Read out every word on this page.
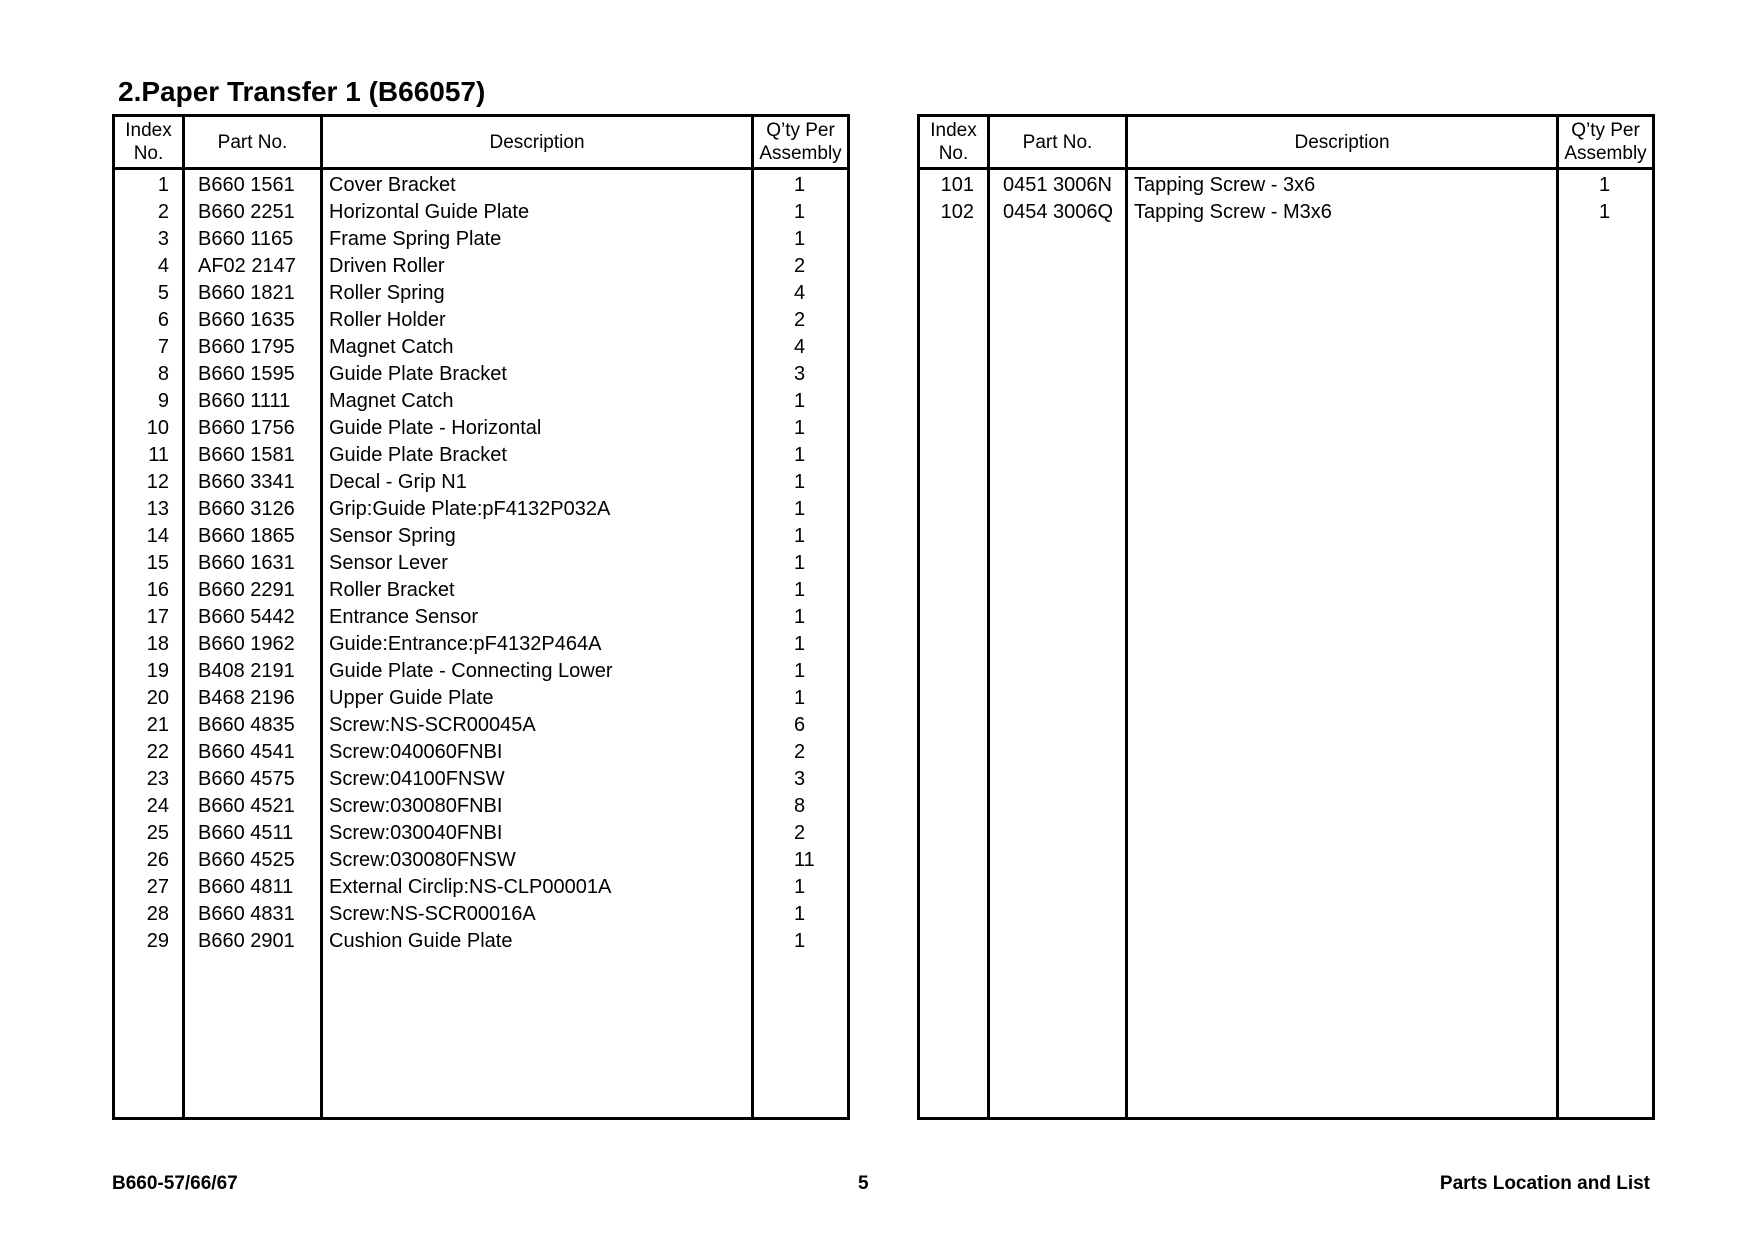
2.Paper Transfer 1 (B66057)
Index
No.	Part No.	Description	Q’ty Per
Assembly
1	B660 1561	Cover Bracket	1
2	B660 2251	Horizontal Guide Plate	1
3	B660 1165	Frame Spring Plate	1
4	AF02 2147	Driven Roller	2
5	B660 1821	Roller Spring	4
6	B660 1635	Roller Holder	2
7	B660 1795	Magnet Catch	4
8	B660 1595	Guide Plate Bracket	3
9	B660 1111	Magnet Catch	1
10	B660 1756	Guide Plate - Horizontal	1
11	B660 1581	Guide Plate Bracket	1
12	B660 3341	Decal - Grip N1	1
13	B660 3126	Grip:Guide Plate:pF4132P032A	1
14	B660 1865	Sensor Spring	1
15	B660 1631	Sensor Lever	1
16	B660 2291	Roller Bracket	1
17	B660 5442	Entrance Sensor	1
18	B660 1962	Guide:Entrance:pF4132P464A	1
19	B408 2191	Guide Plate - Connecting Lower	1
20	B468 2196	Upper Guide Plate	1
21	B660 4835	Screw:NS-SCR00045A	6
22	B660 4541	Screw:040060FNBI	2
23	B660 4575	Screw:04100FNSW	3
24	B660 4521	Screw:030080FNBI	8
25	B660 4511	Screw:030040FNBI	2
26	B660 4525	Screw:030080FNSW	11
27	B660 4811	External Circlip:NS-CLP00001A	1
28	B660 4831	Screw:NS-SCR00016A	1
29	B660 2901	Cushion Guide Plate	1

Index
No.	Part No.	Description	Q’ty Per
Assembly
101	0451 3006N	Tapping Screw - 3x6	1
102	0454 3006Q	Tapping Screw - M3x6	1

B660-57/66/67	5	Parts Location and List
